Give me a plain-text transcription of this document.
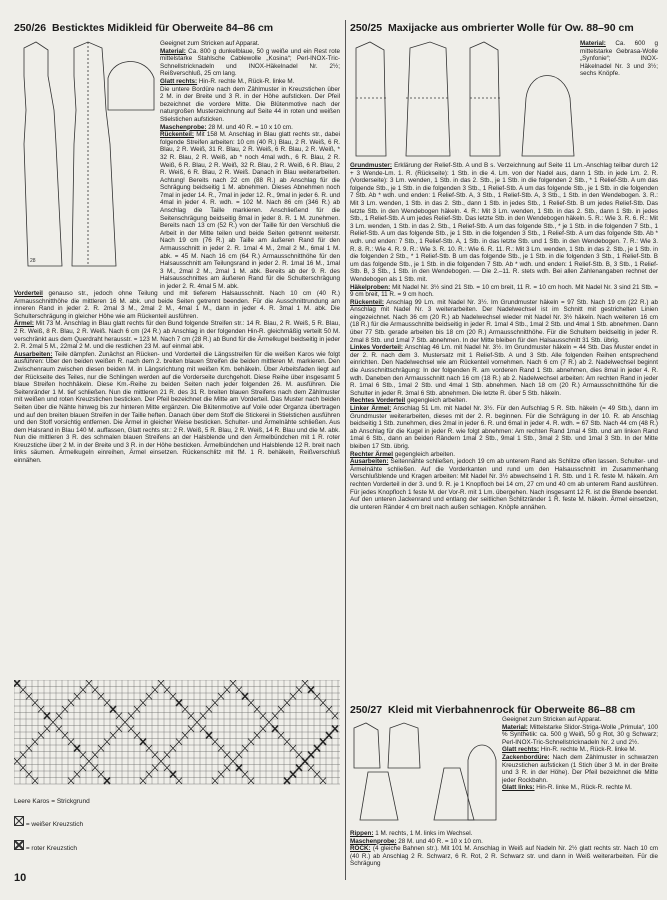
250/26 Besticktes Midikleid für Oberweite 84–86 cm
28
Geeignet zum Stricken auf Apparat.
Material: Ca. 800 g dunkelblaue, 50 g weiße und ein Rest rote mittelstarke Stahlsche Cablewolle „Kosina“; Perl-INOX-Tric-Schnellstricknadeln und INOX-Häkelnadel Nr. 2½; Reißverschluß, 25 cm lang.
Glatt rechts: Hin-R. rechte M., Rück-R. linke M.
Die untere Bordüre nach dem Zählmuster in Kreuzstichen über 2 M. in der Breite und 3 R. in der Höhe aufsticken. Der Pfeil bezeichnet die vordere Mitte. Die Blütenmotive nach der naturgroßen Musterzeichnung auf Seite 44 in roten und weißen Stielstichen aufsticken.
Maschenprobe: 28 M. und 40 R. = 10 x 10 cm.
Rückenteil: Mit 158 M. Anschlag in Blau glatt rechts str., dabei folgende Streifen arbeiten: 10 cm (40 R.) Blau, 2 R. Weiß, 6 R. Blau, 2 R. Weiß, 31 R. Blau, 2 R. Weiß, 6 R. Blau, 2 R. Weiß, * 32 R. Blau, 2 R. Weiß, ab * noch 4mal wdh., 6 R. Blau, 2 R. Weiß, 6 R. Blau, 2 R. Weiß, 32 R. Blau, 2 R. Weiß, 6 R. Blau, 2 R. Weiß, 6 R. Blau, 2 R. Weiß. Danach in Blau weiterarbeiten. Achtung! Bereits nach 22 cm (88 R.) ab Anschlag für die Schrägung beidseitig 1 M. abnehmen. Dieses Abnehmen noch 7mal in jeder 14. R., 7mal in jeder 12. R., 9mal in jeder 6. R. und 4mal in jeder 4. R. wdh. = 102 M. Nach 86 cm (346 R.) ab Anschlag die Taille markieren. Anschließend für die Seitenschrägung beidseitig 8mal in jeder 8. R. 1 M. zunehmen. Bereits nach 13 cm (52 R.) von der Taille für den Verschluß die Arbeit in der Mitte teilen und beide Seiten getrennt weiterstr. Nach 19 cm (76 R.) ab Taille am äußeren Rand für den Armausschnitt in jeder 2. R. 1mal 4 M., 2mal 2 M., 6mal 1 M. abk. = 45 M. Nach 16 cm (64 R.) Armausschnitthöhe für den Halsausschnitt am Teilungsrand in jeder 2. R. 1mal 16 M., 1mal 3 M., 2mal 2 M., 2mal 1 M. abk. Bereits ab der 9. R. des Halsausschnittes am äußeren Rand für die Schulterschrägung in jeder 2. R. 4mal 5 M. abk.
Vorderteil genauso str., jedoch ohne Teilung und mit tieferem Halsausschnitt. Nach 10 cm (40 R.) Armausschnitthöhe die mittleren 16 M. abk. und beide Seiten getrennt beenden. Für die Ausschnittrundung am inneren Rand in jeder 2. R. 2mal 3 M., 2mal 2 M., 4mal 1 M., dann in jeder 4. R. 3mal 1 M. abk. Die Schulterschrägung in gleicher Höhe wie am Rückenteil ausführen.
Ärmel: Mit 73 M. Anschlag in Blau glatt rechts für den Bund folgende Streifen str.: 14 R. Blau, 2 R. Weiß, 5 R. Blau, 2 R. Weiß, 8 R. Blau, 2 R. Weiß. Nach 6 cm (24 R.) ab Anschlag in der folgenden Hin-R. gleichmäßig verteilt 50 M. verschränkt aus dem Querdraht herausstr. = 123 M. Nach 7 cm (28 R.) ab Bund für die Ärmelkugel beidseitig in jeder 2. R. 2mal 5 M., 22mal 2 M. und die restlichen 23 M. auf einmal abk.
Ausarbeiten: Teile dämpfen. Zunächst an Rücken- und Vorderteil die Längsstreifen für die weißen Karos wie folgt ausführen: Über den beiden weißen R. nach dem 2. breiten blauen Streifen die beiden mittleren M. markieren. Den Zwischenraum zwischen diesen beiden M. in Längsrichtung mit weißen Km. behäkeln. Über Arbeitsfaden liegt auf der Rückseite des Teiles, nur die Schlingen werden auf die Vorderseite durchgeholt. Diese Reihe über insgesamt 5 blaue Streifen hochhäkeln. Diese Km.-Reihe zu beiden Seiten nach jeder folgenden 26. M. ausführen. Die Seitenränder 1 M. tief schließen. Nun die mittleren 21 R. des 31 R. breiten blauen Streifens nach dem Zählmuster mit weißen und roten Kreuzstichen besticken. Der Pfeil bezeichnet die Mitte am Vorderteil. Das Muster nach beiden Seiten über die Nähte hinweg bis zur hinteren Mitte ergänzen. Die Blütenmotive auf Voile oder Organza übertragen und auf den breiten blauen Streifen in der Taille heften. Danach über dem Stoff die Stickerei in Stielstichen ausführen und den Stoff vorsichtig entfernen. Die Ärmel in gleicher Weise besticken. Schulter- und Ärmelnähte schließen. Aus dem Halsrand in Blau 140 M. auffassen, Glatt rechts str.: 2 R. Weiß, 5 R. Blau, 2 R. Weiß, 14 R. Blau und die M. abk. Nun die mittleren 3 R. des schmalen blauen Streifens an der Halsblende und den Ärmelbündchen mit 1 R. roter Kreuzstiche über 2 M. in der Breite und 3 R. in der Höhe besticken. Ärmelbündchen und Halsblende 12 R. breit nach links säumen. Ärmelkugeln einreihen, Ärmel einsetzen. Rückenschlitz mit fM. 1 R. behäkeln, Reißverschluß einnähen.
Leere Karos = Strickgrund
= weißer Kreuzstich
= roter Kreuzstich
10
250/25 Maxijacke aus ombrierter Wolle für Ow. 88–90 cm
Material: Ca. 600 g mittelstarke Gebrasa-Wolle „Synfonie“; INOX-Häkelnadel Nr. 3 und 3½; sechs Knöpfe.
Grundmuster: Erklärung der Relief-Stb. A und B s. Verzeichnung auf Seite 11 Lm.-Anschlag teilbar durch 12 + 3 Wende-Lm. 1. R. (Rückseite): 1 Stb. in die 4. Lm. von der Nadel aus, dann 1 Stb. in jede Lm. 2. R. (Vorderseite): 3 Lm. wenden, 1 Stb. in das 2. Stb., je 1 Stb. in die folgenden 2 Stb., * 1 Relief-Stb. A um das folgende Stb., je 1 Stb. in die folgenden 3 Stb., 1 Relief-Stb. A um das folgende Stb., je 1 Stb. in die folgenden 7 Stb. Ab * wdh. und enden: 1 Relief-Stb. A, 3 Stb., 1 Relief-Stb. A, 3 Stb., 1 Stb. in den Wendebogen. 3. R.: Mit 3 Lm. wenden, 1 Stb. in das 2. Stb., dann 1 Stb. in jedes Stb., 1 Relief-Stb. B um jedes Relief-Stb. Das letzte Stb. in den Wendebogen häkeln. 4. R.: Mit 3 Lm. wenden, 1 Stb. in das 2. Stb., dann 1 Stb. in jedes Stb., 1 Relief-Stb. A um jedes Relief-Stb. Das letzte Stb. in den Wendebogen häkeln. 5. R.: Wie 3. R. 6. R.: Mit 3 Lm. wenden, 1 Stb. in das 2. Stb., 1 Relief-Stb. A um das folgende Stb., * je 1 Stb. in die folgenden 7 Stb., 1 Relief-Stb. A um das folgende Stb., je 1 Stb. in die folgenden 3 Stb., 1 Relief-Stb. A um das folgende Stb. Ab * wdh. und enden: 7 Stb., 1 Relief-Stb. A, 1 Stb. in das letzte Stb. und 1 Stb. in den Wendebogen. 7. R.: Wie 3. R. 8. R.: Wie 4. R. 9. R.: Wie 3. R. 10. R.: Wie 6. R. 11. R.: Mit 3 Lm. wenden, 1 Stb. in das 2. Stb., je 1 Stb. in die folgenden 2 Stb., * 1 Relief-Stb. B um das folgende Stb., je 1 Stb. in die folgenden 3 Stb., 1 Relief-Stb. B um das folgende Stb., je 1 Stb. in die folgenden 7 Stb. Ab * wdh. und enden: 1 Relief-Stb. B, 3 Stb., 1 Relief-Stb. B, 3 Stb., 1 Stb. in den Wendebogen. — Die 2.–11. R. stets wdh. Bei allen Zahlenangaben rechnet der Wendebogen als 1 Stb. mit.
Häkelproben: Mit Nadel Nr. 3½ sind 21 Stb. = 10 cm breit, 11 R. = 10 cm hoch. Mit Nadel Nr. 3 sind 21 Stb. = 9 cm breit, 11 R. = 9 cm hoch.
Rückenteil: Anschlag 99 Lm. mit Nadel Nr. 3½. Im Grundmuster häkeln = 97 Stb. Nach 19 cm (22 R.) ab Anschlag mit Nadel Nr. 3 weiterarbeiten. Der Nadelwechsel ist im Schnitt mit gestrichelten Linien eingezeichnet. Nach 36 cm (20 R.) ab Nadelwechsel wieder mit Nadel Nr. 3½ häkeln. Nach weiteren 16 cm (18 R.) für die Armausschnitte beidseitig in jeder R. 1mal 4 Stb., 1mal 2 Stb. und 4mal 1 Stb. abnehmen. Dann über 77 Stb. gerade arbeiten bis 18 cm (20 R.) Armausschnitthöhe. Für die Schultern beidseitig in jeder R. 2mal 8 Stb. und 1mal 7 Stb. abnehmen. In der Mitte bleiben für den Halsausschnitt 31 Stb. übrig.
Linkes Vorderteil: Anschlag 46 Lm. mit Nadel Nr. 3½. Im Grundmuster häkeln = 44 Stb. Das Muster endet in der 2. R. nach dem 3. Mustersatz mit 1 Relief-Stb. A und 3 Stb. Alle folgenden Reihen entsprechend einrichten. Den Nadelwechsel wie am Rückenteil vornehmen. Nach 6 cm (7 R.) ab 2. Nadelwechsel beginnt die Ausschnittschrägung: In der folgenden R. am vorderen Rand 1 Stb. abnehmen, dies 8mal in jeder 4. R. wdh. Daneben den Armausschnitt nach 16 cm (18 R.) ab 2. Nadelwechsel arbeiten: Am rechten Rand in jeder R. 1mal 6 Stb., 1mal 2 Stb. und 4mal 1 Stb. abnehmen. Nach 18 cm (20 R.) Armausschnitthöhe für die Schulter in jeder R. 3mal 6 Stb. abnehmen. Die letzte R. über 5 Stb. häkeln.
Rechtes Vorderteil gegengleich arbeiten.
Linker Ärmel: Anschlag 51 Lm. mit Nadel Nr. 3½. Für den Aufschlag 5 R. Stb. häkeln (= 49 Stb.), dann im Grundmuster weiterarbeiten, dieses mit der 2. R. beginnen. Für die Schrägung in der 10. R. ab Anschlag beidseitig 1 Stb. zunehmen, dies 2mal in jeder 6. R. und 6mal in jeder 4. R. wdh. = 67 Stb. Nach 44 cm (48 R.) ab Anschlag für die Kugel in jeder R. wie folgt abnehmen: Am rechten Rand 1mal 4 Stb. und am linken Rand 1mal 6 Stb., dann an beiden Rändern 1mal 2 Stb., 9mal 1 Stb., 3mal 2 Stb. und 1mal 3 Stb. In der Mitte bleiben 17 Stb. übrig.
Rechter Ärmel gegengleich arbeiten.
Ausarbeiten: Seitennähte schließen, jedoch 19 cm ab unterem Rand als Schlitze offen lassen. Schulter- und Ärmelnähte schließen. Auf die Vorderkanten und rund um den Halsausschnitt im Zusammenhang Verschlußblende und Kragen arbeiten: Mit Nadel Nr. 3½ abwechselnd 1 R. Stb. und 1 R. feste M. häkeln. Am rechten Vorderteil in der 3. und 9. R. je 1 Knopfloch bei 14 cm, 27 cm und 40 cm ab unterem Rand ausführen. Für jedes Knopfloch 1 feste M. der Vor-R. mit 1 Lm. übergehen. Nach insgesamt 12 R. ist die Blende beendet. Auf den unteren Jackenrand und entlang der seitlichen Schlitzränder 1 R. feste M. häkeln. Ärmel einsetzen, die unteren Ränder 4 cm breit nach außen schlagen. Knöpfe annähen.
250/27 Kleid mit Vierbahnenrock für Oberweite 86–88 cm
Geeignet zum Stricken auf Apparat.
Material: Mittelstarke Slidor-Striga-Wolle „Primula“, 100 % Synthetik: ca. 500 g Weiß, 50 g Rot, 30 g Schwarz; Perl-INOX-Tric-Schnellstricknadeln Nr. 2 und 2½.
Glatt rechts: Hin-R. rechte M., Rück-R. linke M.
Zackenbordüre: Nach dem Zählmuster in schwarzen Kreuzstichen aufsticken (1 Stich über 3 M. in der Breite und 3 R. in der Höhe). Der Pfeil bezeichnet die Mitte jeder Rockbahn.
Glatt links: Hin-R. linke M., Rück-R. rechte M.
Rippen: 1 M. rechts, 1 M. links im Wechsel.
Maschenprobe: 28 M. und 40 R. = 10 x 10 cm.
ROCK: (4 gleiche Bahnen str.). Mit 101 M. Anschlag in Weiß auf Nadeln Nr. 2½ glatt rechts str. Nach 10 cm (40 R.) ab Anschlag 2 R. Schwarz, 6 R. Rot, 2 R. Schwarz str. und dann in Weiß weiterarbeiten. Für die Schrägung
